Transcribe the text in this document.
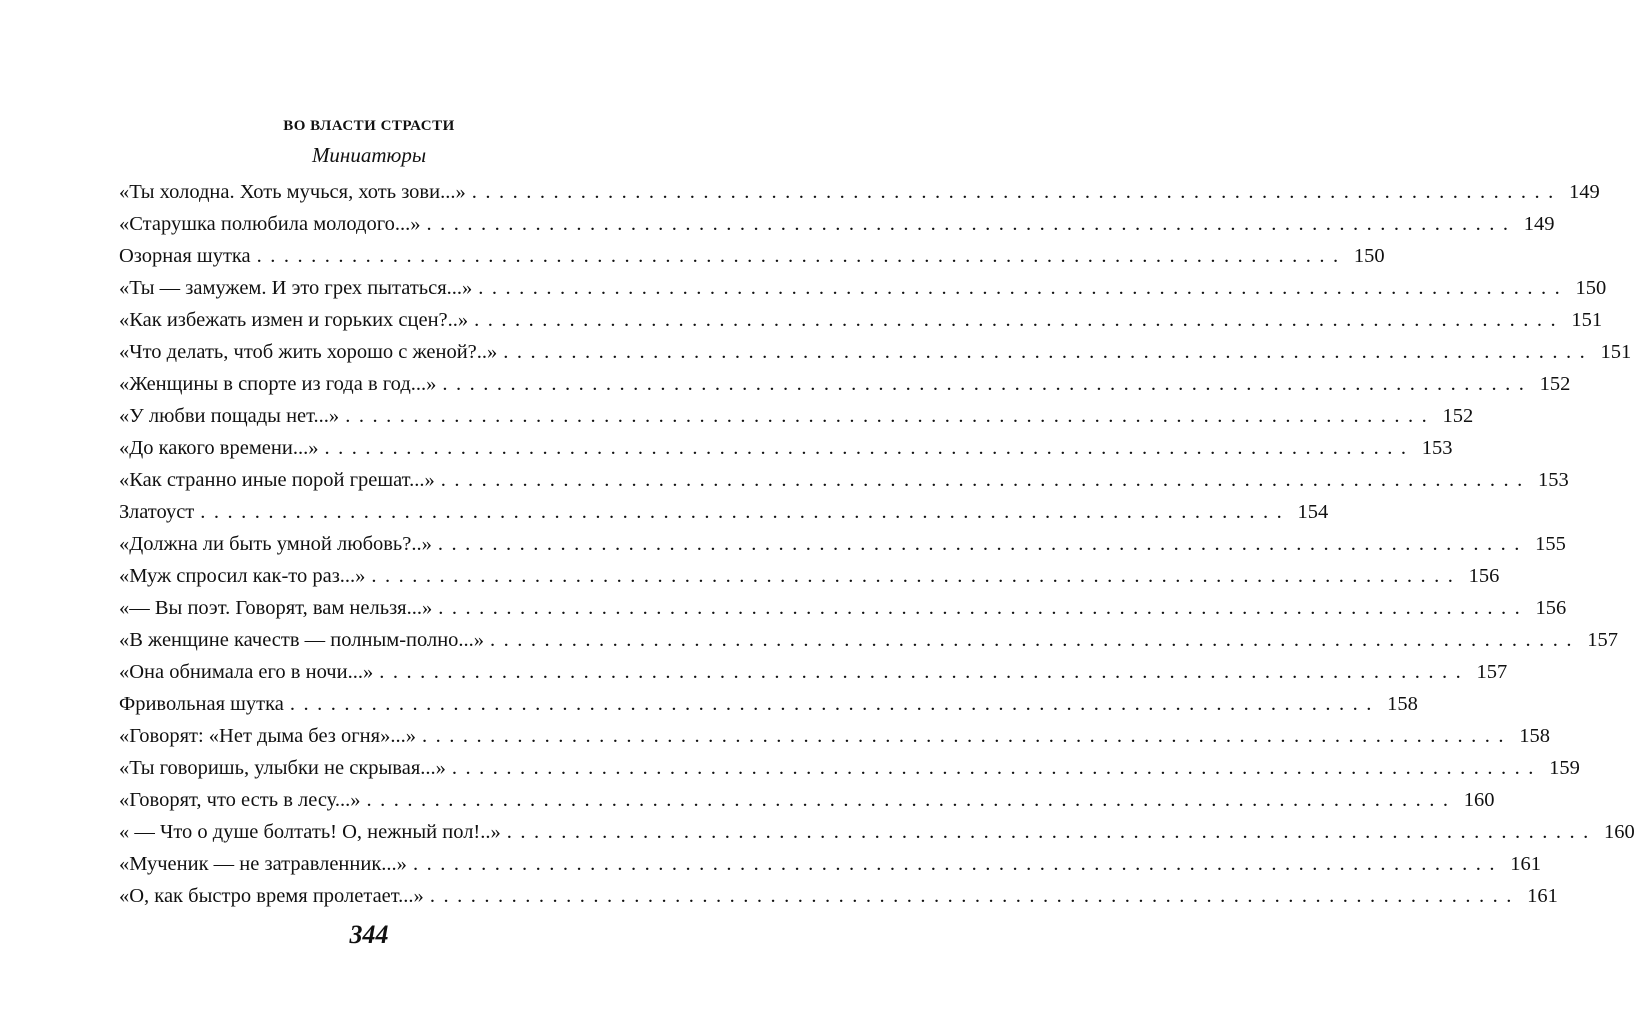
ВО ВЛАСТИ СТРАСТИ
Миниатюры
«Ты холодна. Хоть мучься, хоть зови...» ................................................................................ 149
«Старушка полюбила молодого...» ................................................................................ 149
Озорная шутка ................................................................................ 150
«Ты — замужем. И это грех пытаться...» ................................................................................ 150
«Как избежать измен и горьких сцен?..» ................................................................................ 151
«Что делать, чтоб жить хорошо с женой?..» ................................................................................ 151
«Женщины в спорте из года в год...» ................................................................................ 152
«У любви пощады нет...» ................................................................................ 152
«До какого времени...» ................................................................................ 153
«Как странно иные порой грешат...» ................................................................................ 153
Златоуст ................................................................................ 154
«Должна ли быть умной любовь?..» ................................................................................ 155
«Муж спросил как-то раз...» ................................................................................ 156
«— Вы поэт. Говорят, вам нельзя...» ................................................................................ 156
«В женщине качеств — полным-полно...» ................................................................................ 157
«Она обнимала его в ночи...» ................................................................................ 157
Фривольная шутка ................................................................................ 158
«Говорят: «Нет дыма без огня»...» ................................................................................ 158
«Ты говоришь, улыбки не скрывая...» ................................................................................ 159
«Говорят, что есть в лесу...» ................................................................................ 160
« — Что о душе болтать! О, нежный пол!..» ................................................................................ 160
«Мученик — не затравленник...» ................................................................................ 161
«О, как быстро время пролетает...» ................................................................................ 161
344
